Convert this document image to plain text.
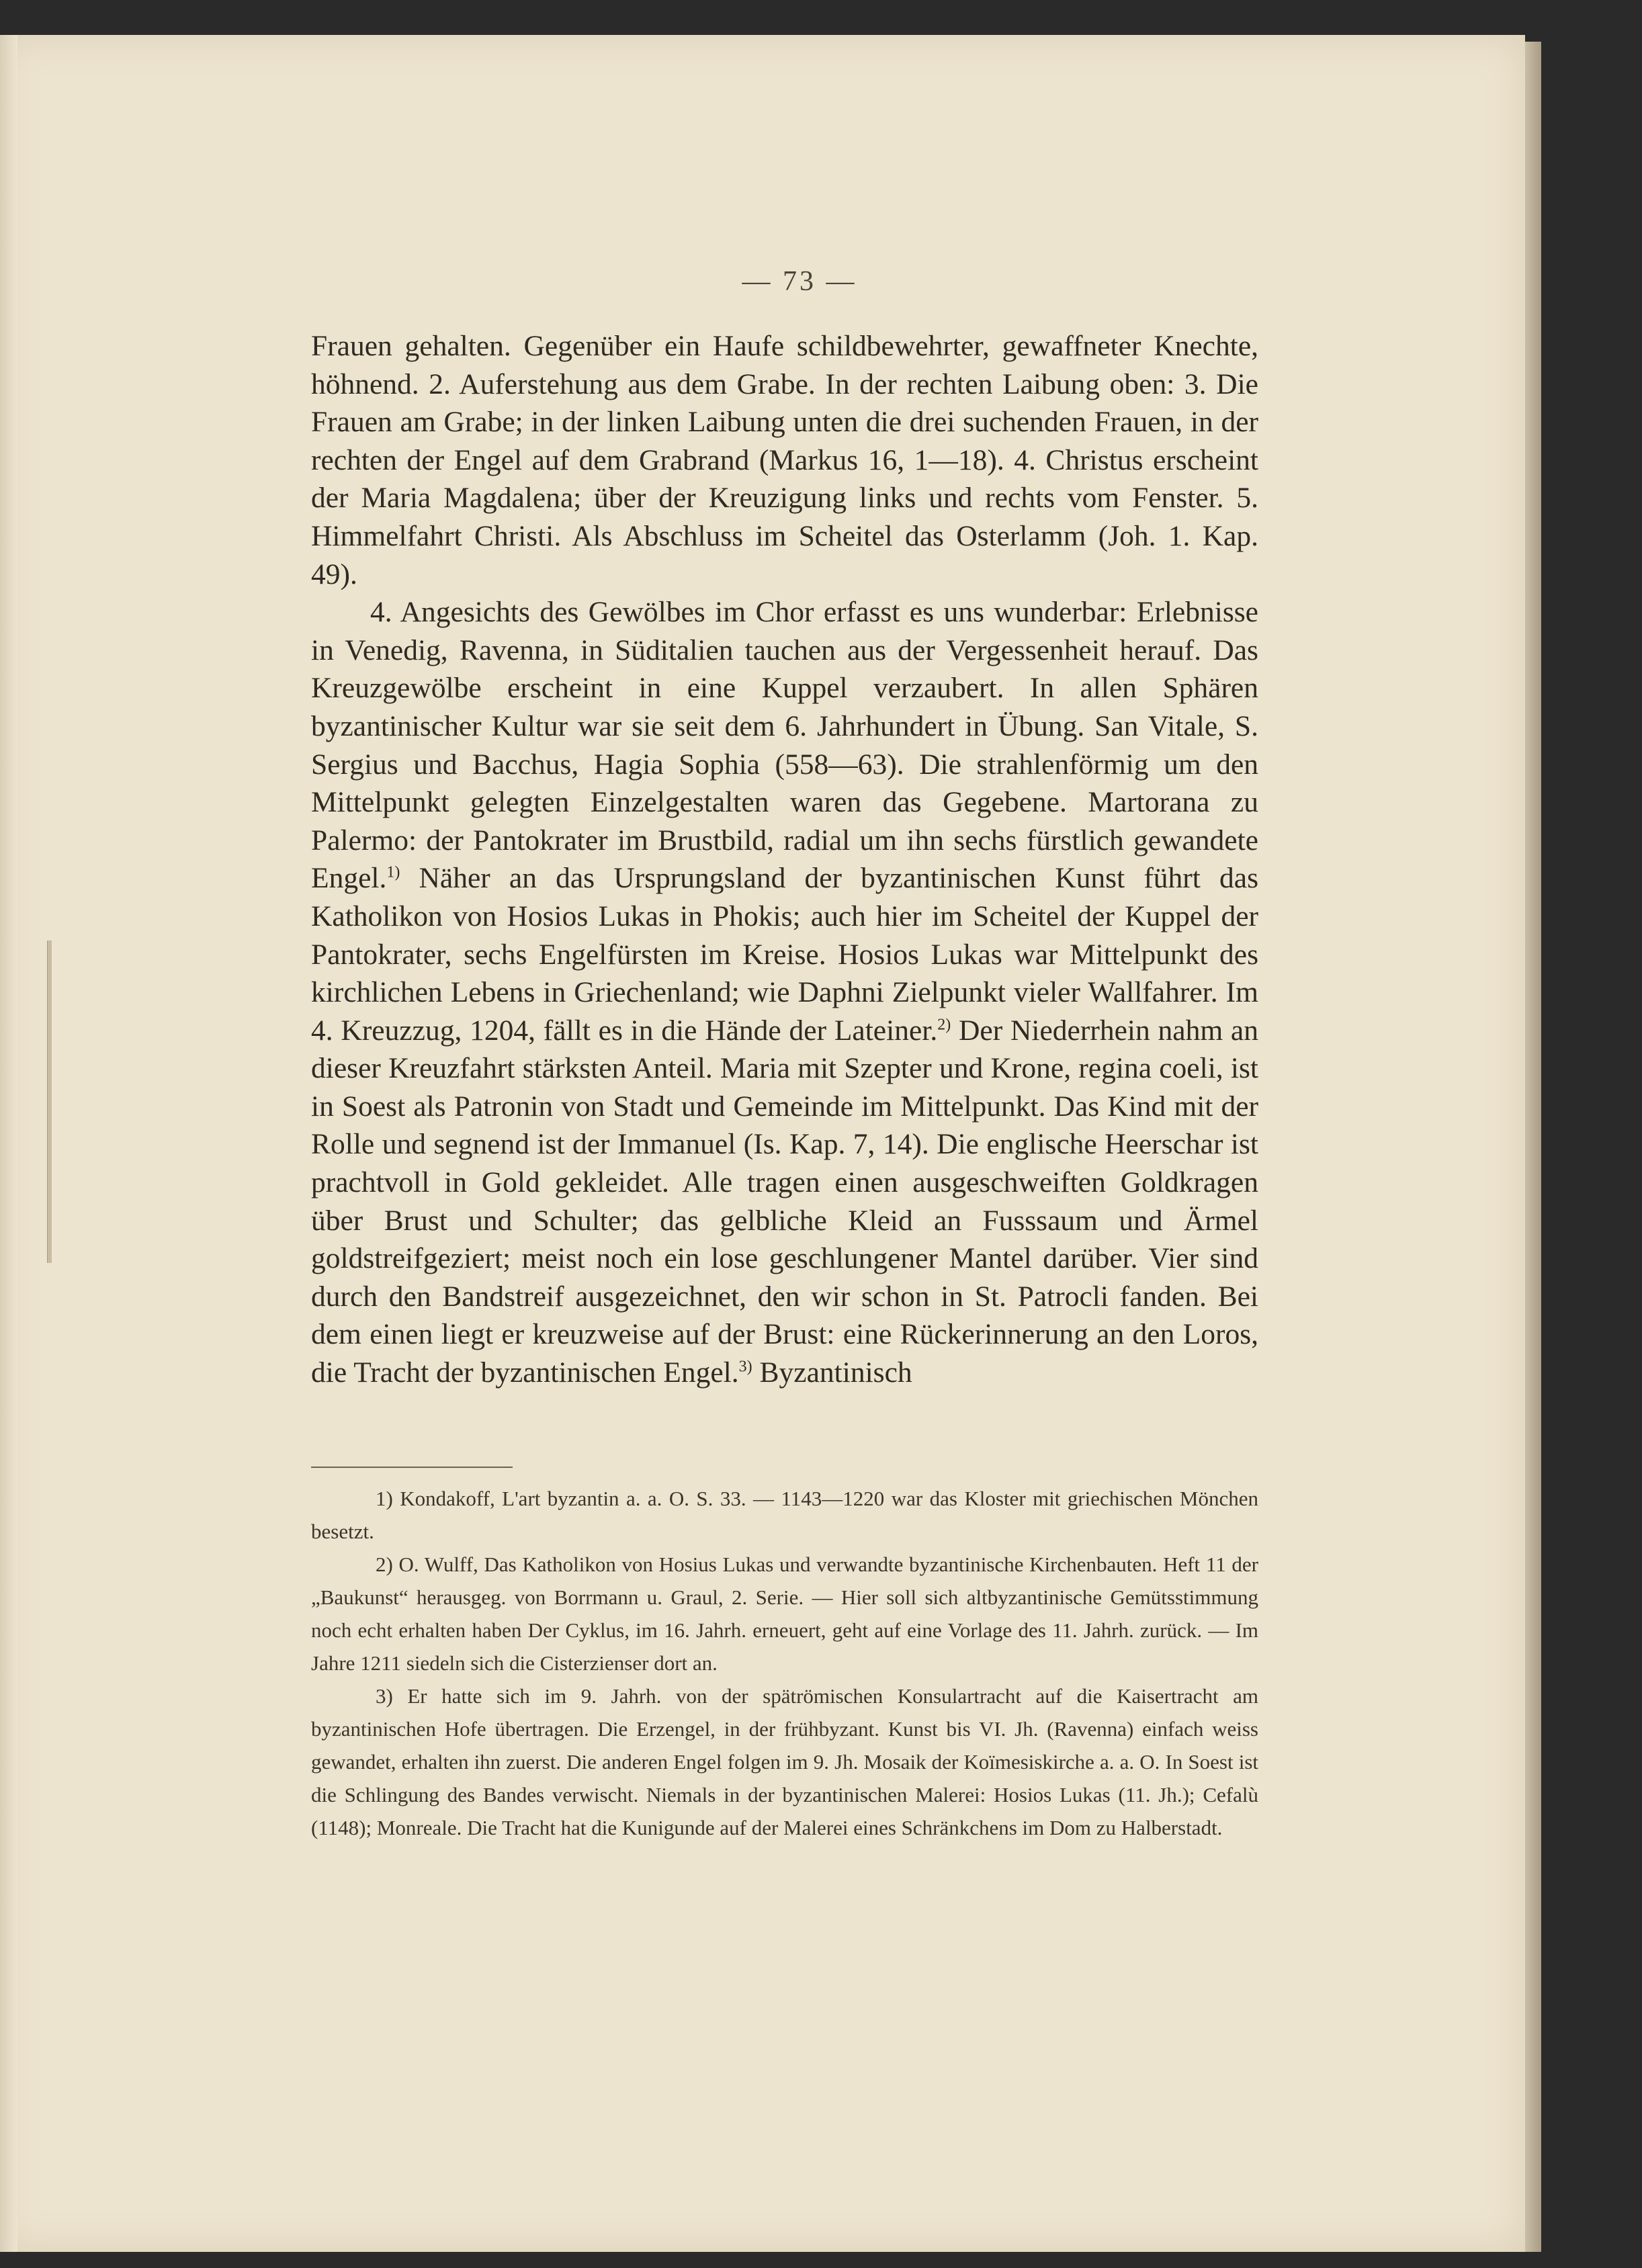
— 73 —

Frauen gehalten. Gegenüber ein Haufe schildbewehrter, gewaffneter Knechte, höhnend. 2. Auferstehung aus dem Grabe. In der rechten Laibung oben: 3. Die Frauen am Grabe; in der linken Laibung unten die drei suchenden Frauen, in der rechten der Engel auf dem Grabrand (Markus 16, 1—18). 4. Christus erscheint der Maria Magdalena; über der Kreuzigung links und rechts vom Fenster. 5. Himmelfahrt Christi. Als Abschluss im Scheitel das Osterlamm (Joh. 1. Kap. 49).

4. Angesichts des Gewölbes im Chor erfasst es uns wunderbar: Erlebnisse in Venedig, Ravenna, in Süditalien tauchen aus der Vergessenheit herauf. Das Kreuzgewölbe erscheint in eine Kuppel verzaubert. In allen Sphären byzantinischer Kultur war sie seit dem 6. Jahrhundert in Übung. San Vitale, S. Sergius und Bacchus, Hagia Sophia (558—63). Die strahlenförmig um den Mittelpunkt gelegten Einzelgestalten waren das Gegebene. Martorana zu Palermo: der Pantokrater im Brustbild, radial um ihn sechs fürstlich gewandete Engel.$^{1)}$ Näher an das Ursprungsland der byzantinischen Kunst führt das Katholikon von Hosios Lukas in Phokis; auch hier im Scheitel der Kuppel der Pantokrater, sechs Engelfürsten im Kreise. Hosios Lukas war Mittelpunkt des kirchlichen Lebens in Griechenland; wie Daphni Zielpunkt vieler Wallfahrer. Im 4. Kreuzzug, 1204, fällt es in die Hände der Lateiner.$^{2)}$ Der Niederrhein nahm an dieser Kreuzfahrt stärksten Anteil. Maria mit Szepter und Krone, regina coeli, ist in Soest als Patronin von Stadt und Gemeinde im Mittelpunkt. Das Kind mit der Rolle und segnend ist der Immanuel (Is. Kap. 7, 14). Die englische Heerschar ist prachtvoll in Gold gekleidet. Alle tragen einen ausgeschweiften Goldkragen über Brust und Schulter; das gelbliche Kleid an Fusssaum und Ärmel goldstreifgeziert; meist noch ein lose geschlungener Mantel darüber. Vier sind durch den Bandstreif ausgezeichnet, den wir schon in St. Patrocli fanden. Bei dem einen liegt er kreuzweise auf der Brust: eine Rückerinnerung an den Loros, die Tracht der byzantinischen Engel.$^{3)}$ Byzantinisch

1) Kondakoff, L'art byzantin a. a. O. S. 33. — 1143—1220 war das Kloster mit griechischen Mönchen besetzt.

2) O. Wulff, Das Katholikon von Hosius Lukas und verwandte byzantinische Kirchenbauten. Heft 11 der „Baukunst“ herausgeg. von Borrmann u. Graul, 2. Serie. — Hier soll sich altbyzantinische Gemütsstimmung noch echt erhalten haben Der Cyklus, im 16. Jahrh. erneuert, geht auf eine Vorlage des 11. Jahrh. zurück. — Im Jahre 1211 siedeln sich die Cisterzienser dort an.

3) Er hatte sich im 9. Jahrh. von der spätrömischen Konsulartracht auf die Kaisertracht am byzantinischen Hofe übertragen. Die Erzengel, in der frühbyzant. Kunst bis VI. Jh. (Ravenna) einfach weiss gewandet, erhalten ihn zuerst. Die anderen Engel folgen im 9. Jh. Mosaik der Koïmesiskirche a. a. O. In Soest ist die Schlingung des Bandes verwischt. Niemals in der byzantinischen Malerei: Hosios Lukas (11. Jh.); Cefalù (1148); Monreale. Die Tracht hat die Kunigunde auf der Malerei eines Schränkchens im Dom zu Halberstadt.
